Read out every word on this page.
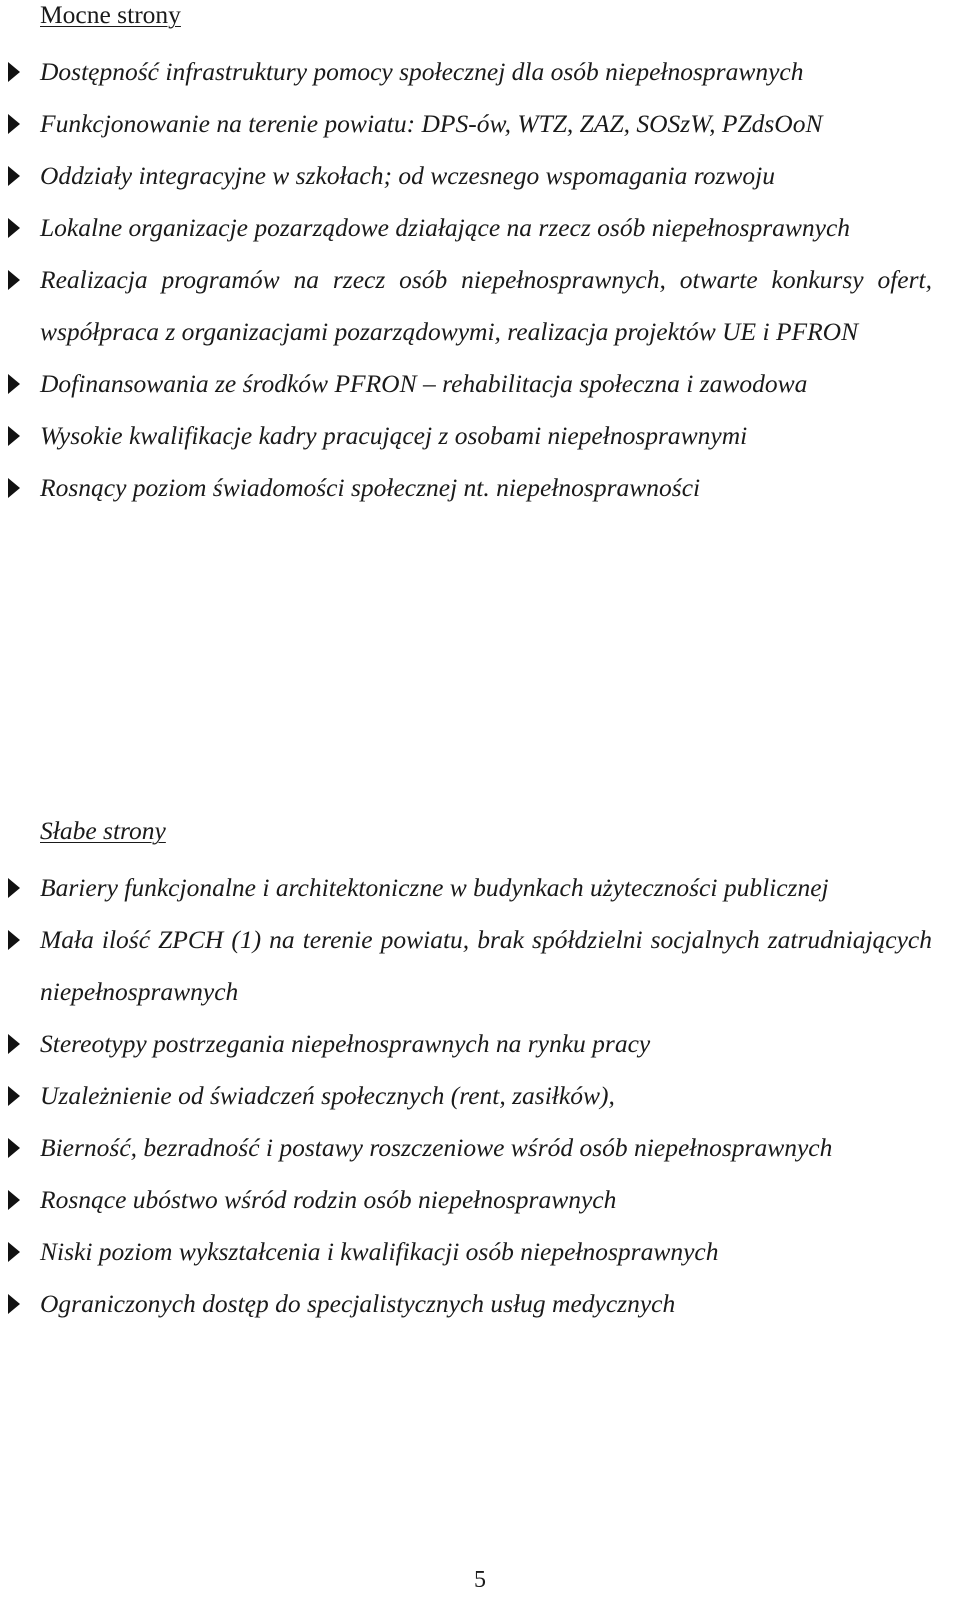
Mocne strony
Dostępność infrastruktury pomocy społecznej dla osób niepełnosprawnych
Funkcjonowanie na terenie powiatu: DPS-ów, WTZ, ZAZ, SOSzW, PZdsOoN
Oddziały integracyjne w szkołach; od wczesnego wspomagania rozwoju
Lokalne organizacje pozarządowe działające na rzecz osób niepełnosprawnych
Realizacja programów na rzecz osób niepełnosprawnych, otwarte konkursy ofert, współpraca z organizacjami pozarządowymi, realizacja projektów UE i PFRON
Dofinansowania ze środków PFRON – rehabilitacja społeczna i zawodowa
Wysokie kwalifikacje kadry pracującej z osobami niepełnosprawnymi
Rosnący poziom świadomości społecznej nt. niepełnosprawności
Słabe strony
Bariery funkcjonalne i architektoniczne w budynkach użyteczności publicznej
Mała ilość ZPCH (1) na terenie powiatu, brak spółdzielni socjalnych zatrudniających niepełnosprawnych
Stereotypy postrzegania niepełnosprawnych na rynku pracy
Uzależnienie od świadczeń społecznych (rent, zasiłków),
Bierność, bezradność i postawy roszczeniowe wśród osób niepełnosprawnych
Rosnące ubóstwo wśród rodzin osób niepełnosprawnych
Niski poziom wykształcenia i kwalifikacji osób niepełnosprawnych
Ograniczonych dostęp do specjalistycznych usług medycznych
5
